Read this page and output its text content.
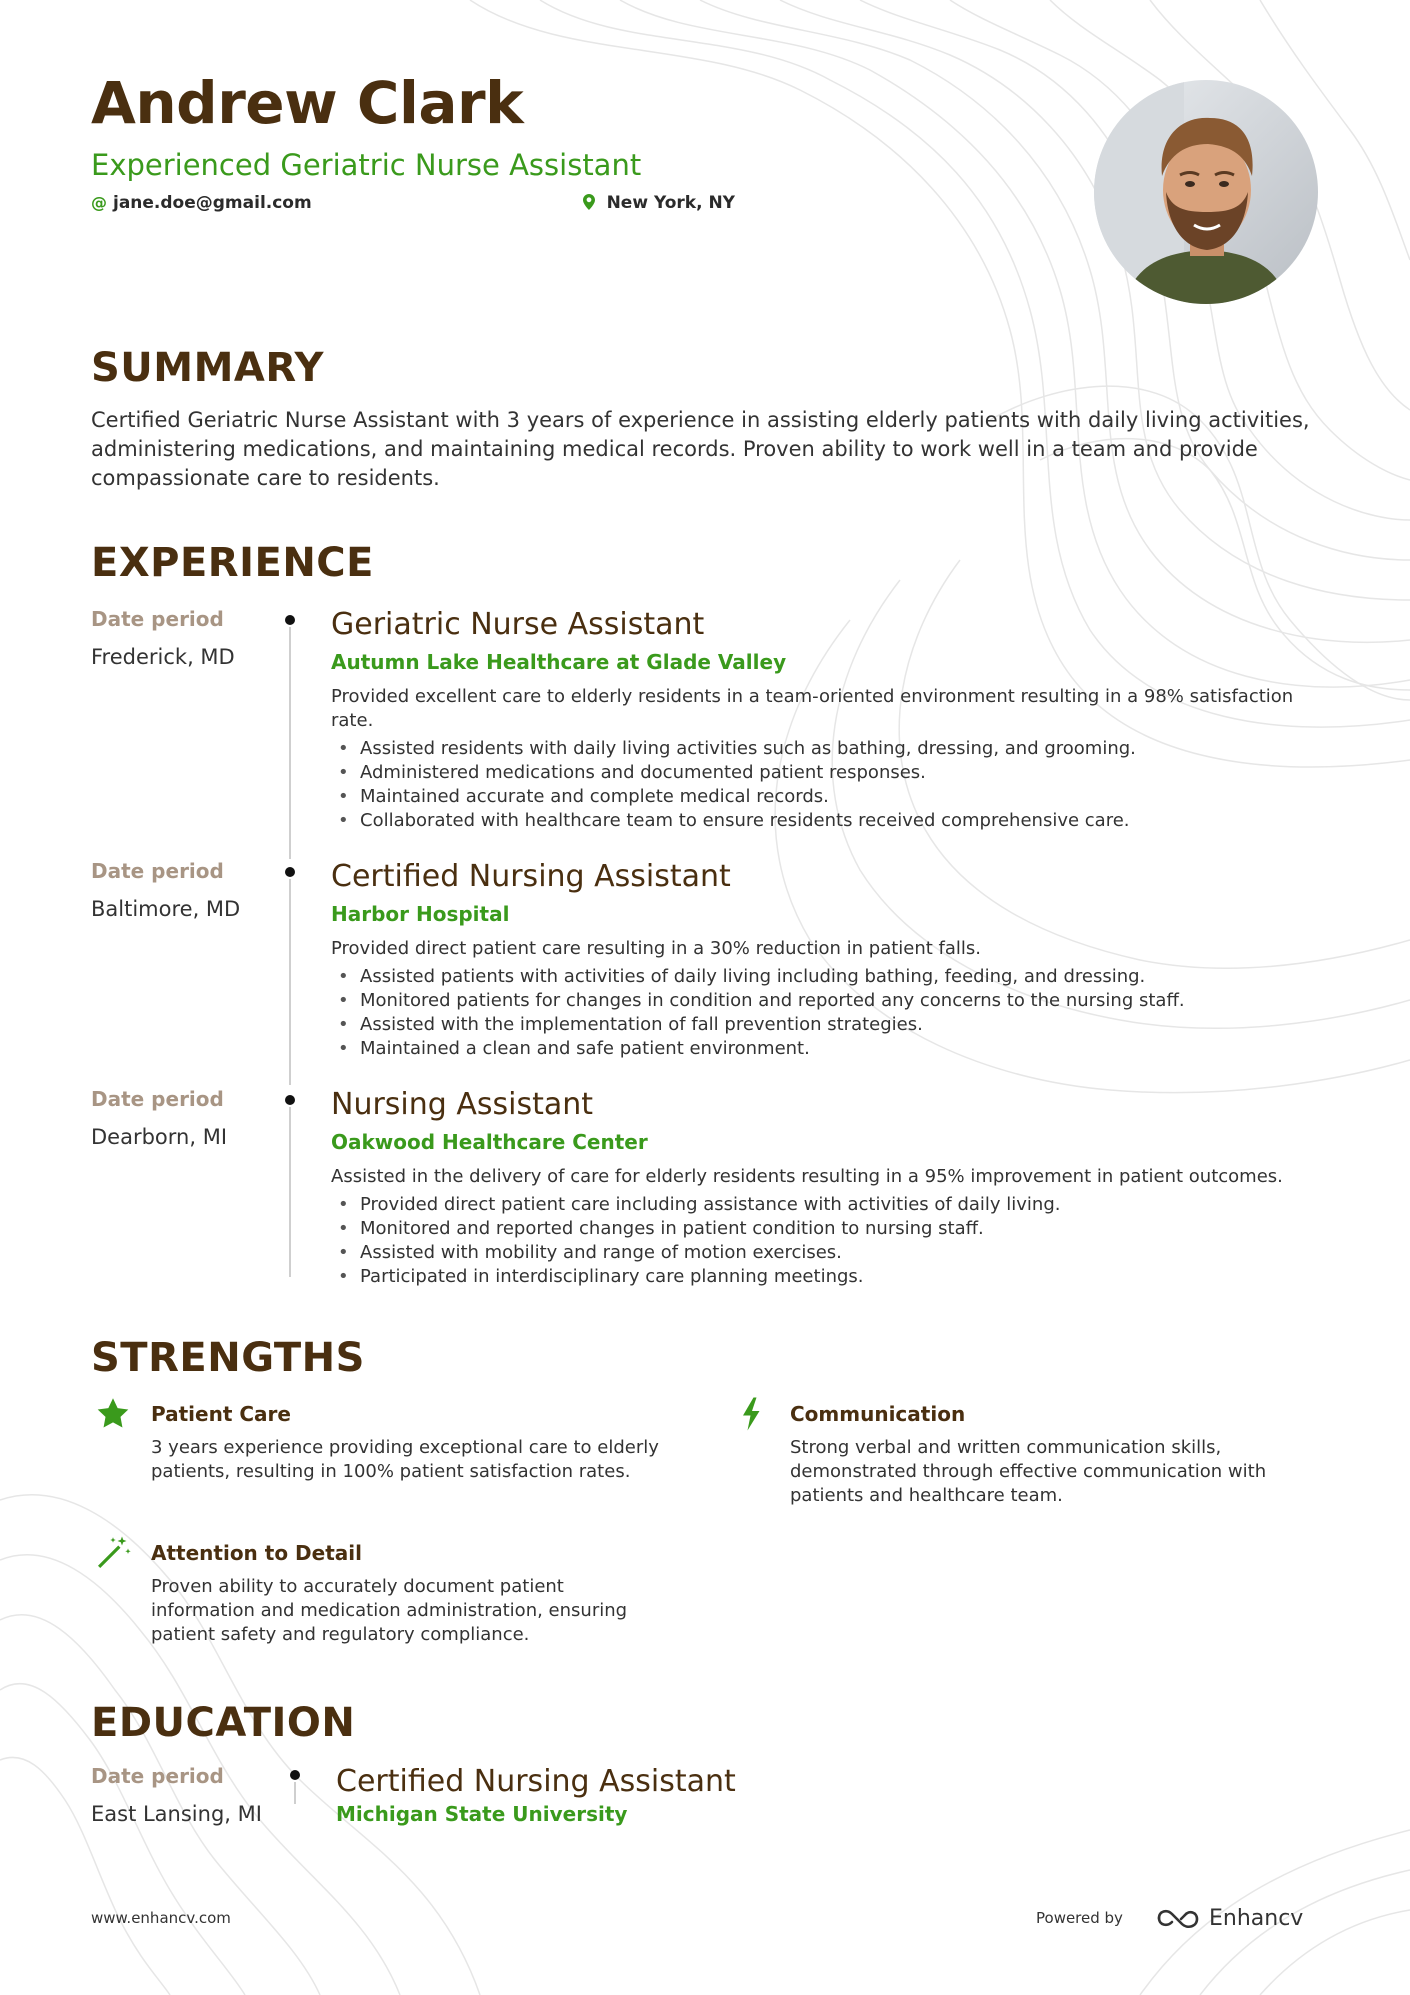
Andrew Clark
Experienced Geriatric Nurse Assistant
@ jane.doe@gmail.com	New York, NY
SUMMARY
Certified Geriatric Nurse Assistant with 3 years of experience in assisting elderly patients with daily living activities, administering medications, and maintaining medical records. Proven ability to work well in a team and provide compassionate care to residents.
EXPERIENCE
Date period
Frederick, MD
Geriatric Nurse Assistant
Autumn Lake Healthcare at Glade Valley
Provided excellent care to elderly residents in a team-oriented environment resulting in a 98% satisfaction rate.
• Assisted residents with daily living activities such as bathing, dressing, and grooming.
• Administered medications and documented patient responses.
• Maintained accurate and complete medical records.
• Collaborated with healthcare team to ensure residents received comprehensive care.
Date period
Baltimore, MD
Certified Nursing Assistant
Harbor Hospital
Provided direct patient care resulting in a 30% reduction in patient falls.
• Assisted patients with activities of daily living including bathing, feeding, and dressing.
• Monitored patients for changes in condition and reported any concerns to the nursing staff.
• Assisted with the implementation of fall prevention strategies.
• Maintained a clean and safe patient environment.
Date period
Dearborn, MI
Nursing Assistant
Oakwood Healthcare Center
Assisted in the delivery of care for elderly residents resulting in a 95% improvement in patient outcomes.
• Provided direct patient care including assistance with activities of daily living.
• Monitored and reported changes in patient condition to nursing staff.
• Assisted with mobility and range of motion exercises.
• Participated in interdisciplinary care planning meetings.
STRENGTHS
Patient Care
3 years experience providing exceptional care to elderly patients, resulting in 100% patient satisfaction rates.
Communication
Strong verbal and written communication skills, demonstrated through effective communication with patients and healthcare team.
Attention to Detail
Proven ability to accurately document patient information and medication administration, ensuring patient safety and regulatory compliance.
EDUCATION
Date period
East Lansing, MI
Certified Nursing Assistant
Michigan State University
www.enhancv.com	Powered by	Enhancv
